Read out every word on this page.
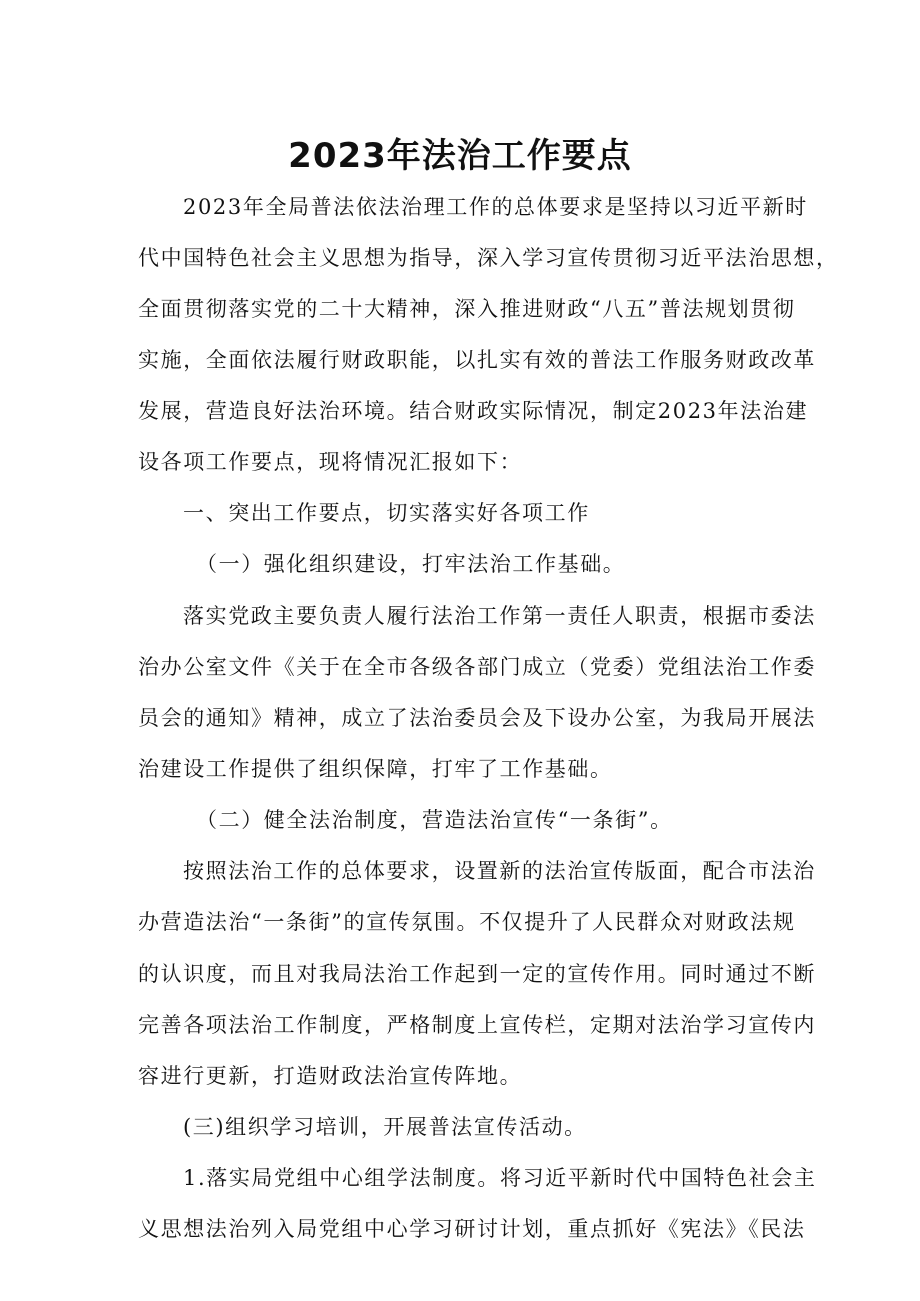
2023年法治工作要点
2023年全局普法依法治理工作的总体要求是坚持以习近平新时
代中国特色社会主义思想为指导，深入学习宣传贯彻习近平法治思想，
全面贯彻落实党的二十大精神，深入推进财政“八五”普法规划贯彻
实施，全面依法履行财政职能，以扎实有效的普法工作服务财政改革
发展，营造良好法治环境。结合财政实际情况，制定2023年法治建
设各项工作要点，现将情况汇报如下：
一、突出工作要点，切实落实好各项工作
（一）强化组织建设，打牢法治工作基础。
落实党政主要负责人履行法治工作第一责任人职责，根据市委法
治办公室文件《关于在全市各级各部门成立（党委）党组法治工作委
员会的通知》精神，成立了法治委员会及下设办公室，为我局开展法
治建设工作提供了组织保障，打牢了工作基础。
（二）健全法治制度，营造法治宣传“一条街”。
按照法治工作的总体要求，设置新的法治宣传版面，配合市法治
办营造法治“一条街”的宣传氛围。不仅提升了人民群众对财政法规
的认识度，而且对我局法治工作起到一定的宣传作用。同时通过不断
完善各项法治工作制度，严格制度上宣传栏，定期对法治学习宣传内
容进行更新，打造财政法治宣传阵地。
(三)组织学习培训，开展普法宣传活动。
1.落实局党组中心组学法制度。将习近平新时代中国特色社会主
义思想法治列入局党组中心学习研讨计划，重点抓好《宪法》《民法
